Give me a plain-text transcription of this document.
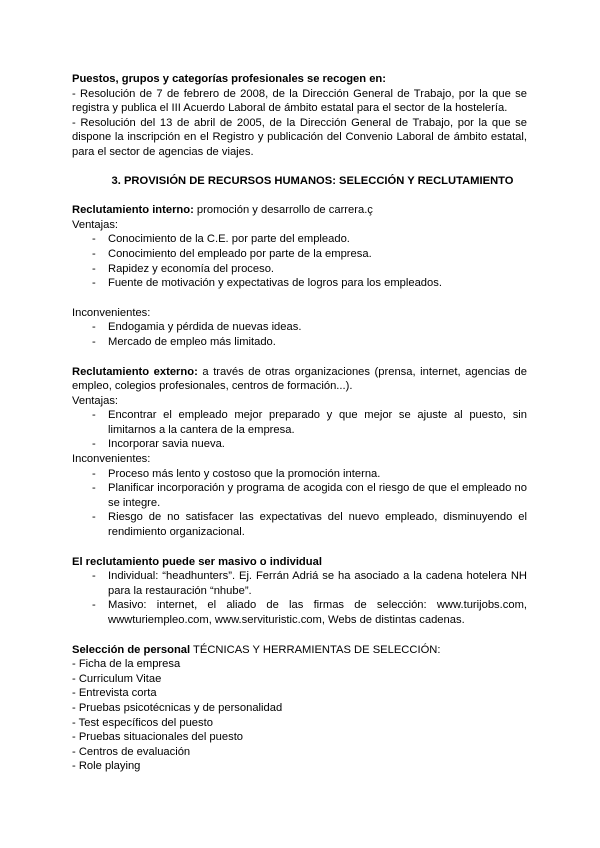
Puestos, grupos y categorías profesionales se recogen en:

- Resolución de 7 de febrero de 2008, de la Dirección General de Trabajo, por la que se registra y publica el III Acuerdo Laboral de ámbito estatal para el sector de la hostelería.

- Resolución del 13 de abril de 2005, de la Dirección General de Trabajo, por la que se dispone la inscripción en el Registro y publicación del Convenio Laboral de ámbito estatal, para el sector de agencias de viajes.

3. PROVISIÓN DE RECURSOS HUMANOS: SELECCIÓN Y RECLUTAMIENTO

Reclutamiento interno: promoción y desarrollo de carrera.ç

Ventajas:

- Conocimiento de la C.E. por parte del empleado.
- Conocimiento del empleado por parte de la empresa.
- Rapidez y economía del proceso.
- Fuente de motivación y expectativas de logros para los empleados.

Inconvenientes:

- Endogamia y pérdida de nuevas ideas.
- Mercado de empleo más limitado.

Reclutamiento externo: a través de otras organizaciones (prensa, internet, agencias de empleo, colegios profesionales, centros de formación...).

Ventajas:

- Encontrar el empleado mejor preparado y que mejor se ajuste al puesto, sin limitarnos a la cantera de la empresa.
- Incorporar savia nueva.

Inconvenientes:

- Proceso más lento y costoso que la promoción interna.
- Planificar incorporación y programa de acogida con el riesgo de que el empleado no se integre.
- Riesgo de no satisfacer las expectativas del nuevo empleado, disminuyendo el rendimiento organizacional.

El reclutamiento puede ser masivo o individual

- Individual: “headhunters”. Ej. Ferrán Adriá se ha asociado a la cadena hotelera NH para la restauración “nhube”.
- Masivo: internet, el aliado de las firmas de selección: www.turijobs.com, wwwturiempleo.com, www.servituristic.com, Webs de distintas cadenas.

Selección de personal TÉCNICAS Y HERRAMIENTAS DE SELECCIÓN:

- Ficha de la empresa
- Curriculum Vitae
- Entrevista corta
- Pruebas psicotécnicas y de personalidad
- Test específicos del puesto
- Pruebas situacionales del puesto
- Centros de evaluación
- Role playing
